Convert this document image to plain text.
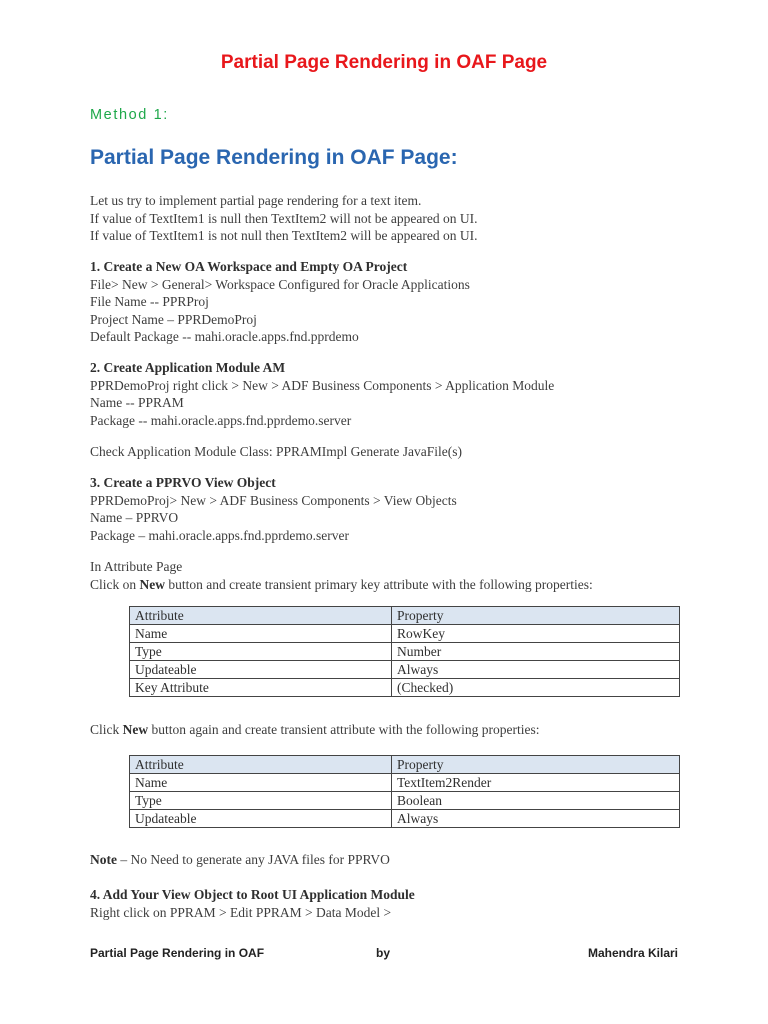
Partial Page Rendering in OAF Page
Method 1:
Partial Page Rendering in OAF Page:
Let us try to implement partial page rendering for a text item.
If value of TextItem1 is null then TextItem2 will not be appeared on UI.
If value of TextItem1 is not null then TextItem2 will be appeared on UI.
1. Create a New OA Workspace and Empty OA Project
File> New > General> Workspace Configured for Oracle Applications
File Name -- PPRProj
Project Name – PPRDemoProj
Default Package -- mahi.oracle.apps.fnd.pprdemo
2. Create Application Module AM
PPRDemoProj right click > New > ADF Business Components > Application Module
Name -- PPRAM
Package -- mahi.oracle.apps.fnd.pprdemo.server
Check Application Module Class: PPRAMImpl Generate JavaFile(s)
3. Create a PPRVO View Object
PPRDemoProj> New > ADF Business Components > View Objects
Name – PPRVO
Package – mahi.oracle.apps.fnd.pprdemo.server
In Attribute Page
Click on New button and create transient primary key attribute with the following properties:
Attribute	Property
Name	RowKey
Type	Number
Updateable	Always
Key Attribute	(Checked)
Click New button again and create transient attribute with the following properties:
Attribute	Property
Name	TextItem2Render
Type	Boolean
Updateable	Always
Note – No Need to generate any JAVA files for PPRVO
4. Add Your View Object to Root UI Application Module
Right click on PPRAM > Edit PPRAM > Data Model >
Partial Page Rendering in OAF	by	Mahendra Kilari
